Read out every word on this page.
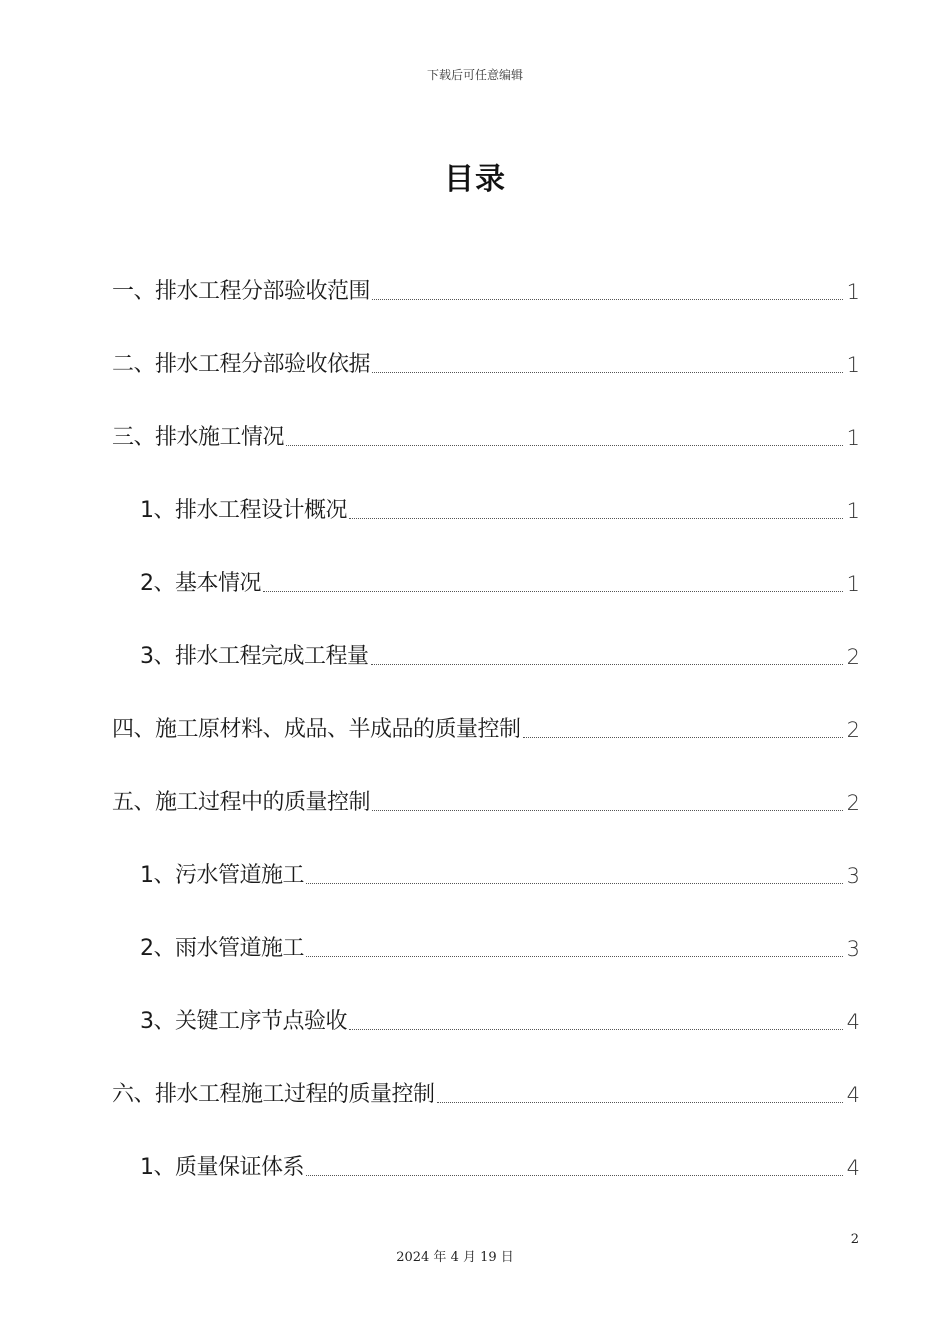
下载后可任意编辑
目录
一、排水工程分部验收范围	1
二、排水工程分部验收依据	1
三、排水施工情况	1
1、排水工程设计概况	1
2、基本情况	1
3、排水工程完成工程量	2
四、施工原材料、成品、半成品的质量控制	2
五、施工过程中的质量控制	2
1、污水管道施工	3
2、雨水管道施工	3
3、关键工序节点验收	4
六、排水工程施工过程的质量控制	4
1、质量保证体系	4
2
2024 年 4 月 19 日
